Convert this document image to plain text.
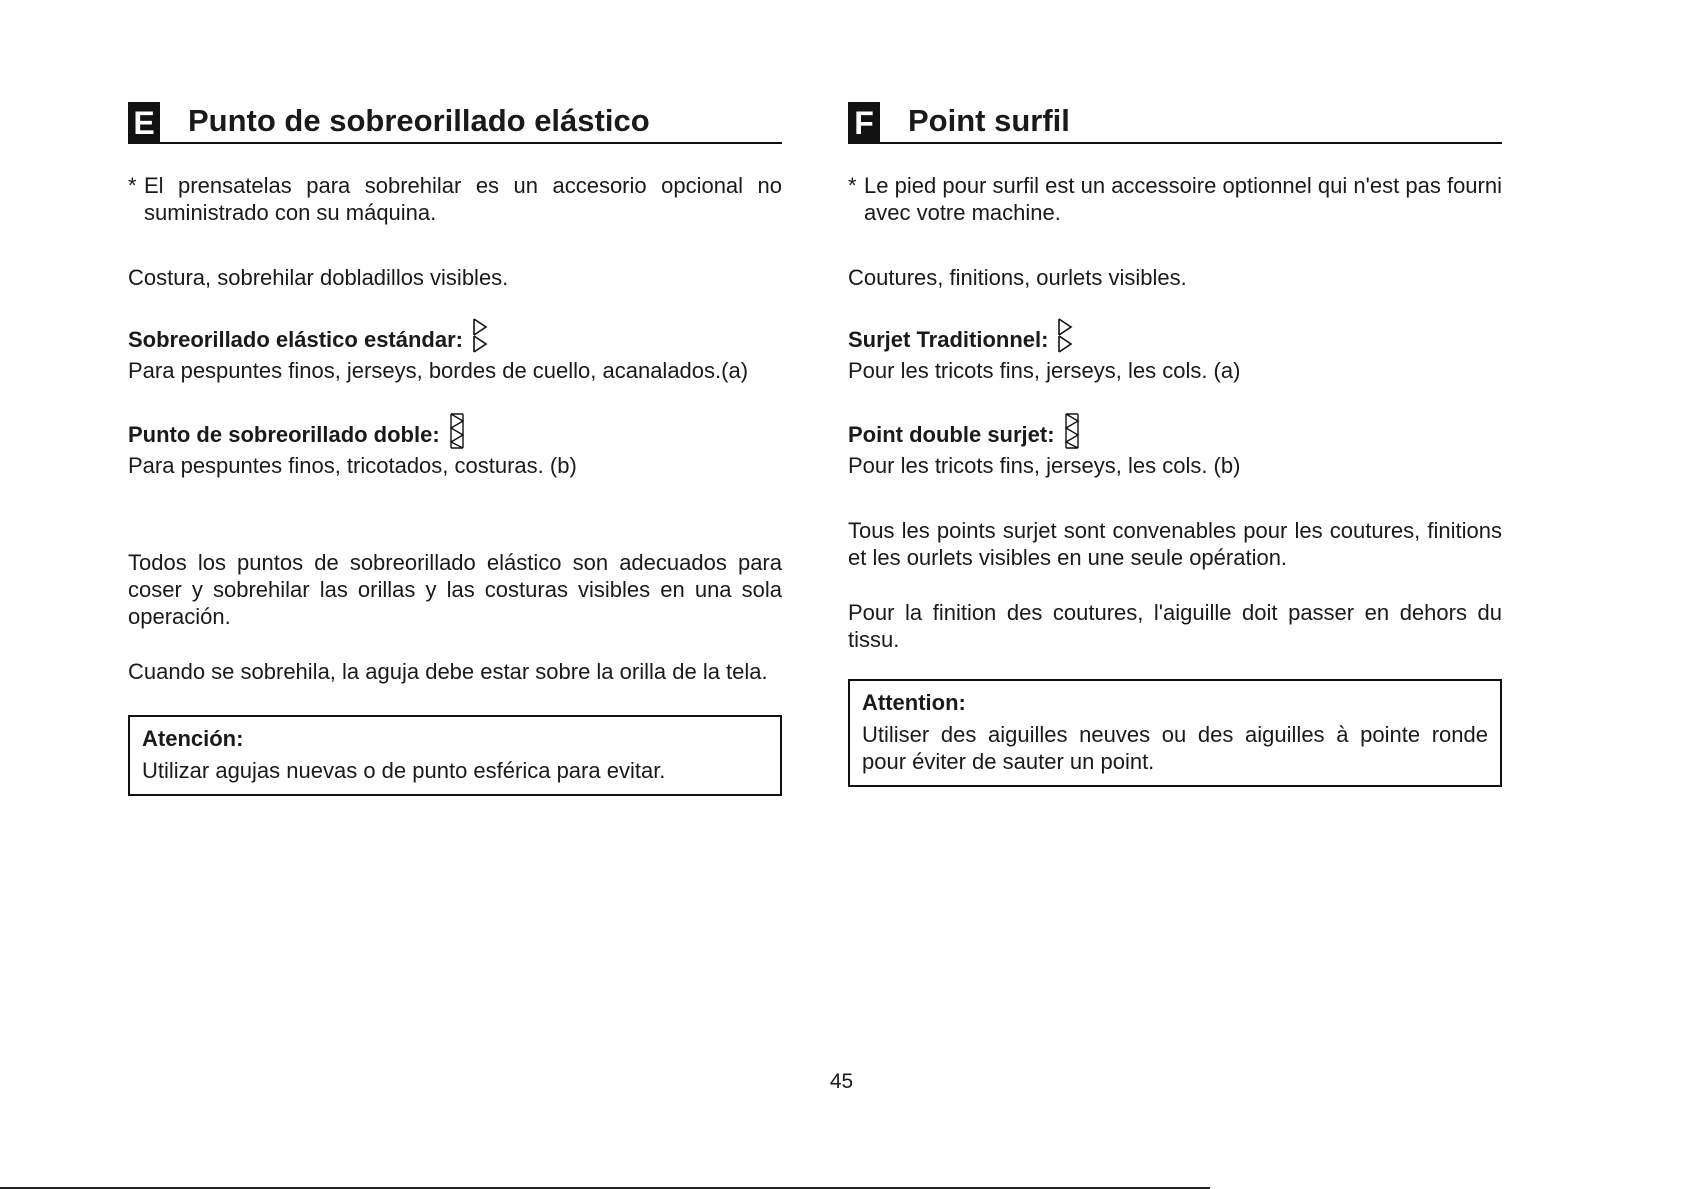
E Punto de sobreorillado elástico
* El prensatelas para sobrehilar es un accesorio opcional no suministrado con su máquina.

Costura, sobrehilar dobladillos visibles.

Sobreorillado elástico estándar:

Para pespuntes finos, jerseys, bordes de cuello, acanalados.(a)

Punto de sobreorillado doble:

Para pespuntes finos, tricotados, costuras. (b)

Todos los puntos de sobreorillado elástico son adecuados para coser y sobrehilar las orillas y las costuras visibles en una sola operación.

Cuando se sobrehila, la aguja debe estar sobre la orilla de la tela.

Atención:

Utilizar agujas nuevas o de punto esférica para evitar.

F Point surfil
* Le pied pour surfil est un accessoire optionnel qui n'est pas fourni avec votre machine.

Coutures, finitions, ourlets visibles.

Surjet Traditionnel:

Pour les tricots fins, jerseys, les cols. (a)

Point double surjet:

Pour les tricots fins, jerseys, les cols. (b)

Tous les points surjet sont convenables pour les coutures, finitions et les ourlets visibles en une seule opération.

Pour la finition des coutures, l'aiguille doit passer en dehors du tissu.

Attention:

Utiliser des aiguilles neuves ou des aiguilles à pointe ronde pour éviter de sauter un point.

45
